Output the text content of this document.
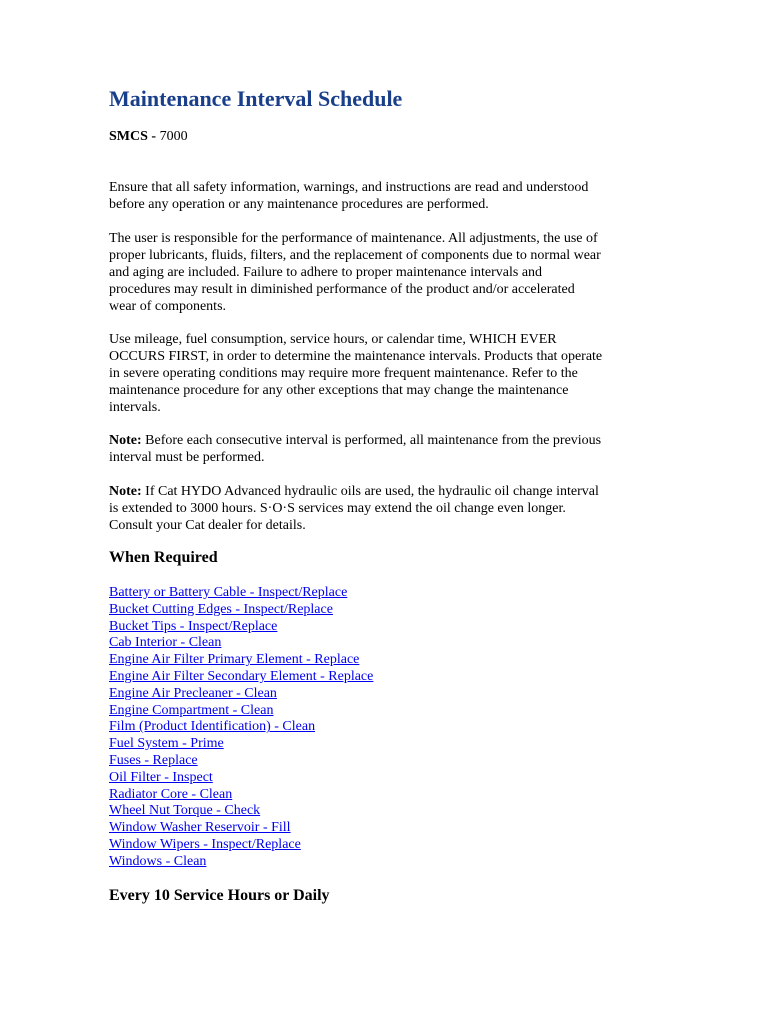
Maintenance Interval Schedule
SMCS - 7000

Ensure that all safety information, warnings, and instructions are read and understood
before any operation or any maintenance procedures are performed.

The user is responsible for the performance of maintenance. All adjustments, the use of
proper lubricants, fluids, filters, and the replacement of components due to normal wear
and aging are included. Failure to adhere to proper maintenance intervals and
procedures may result in diminished performance of the product and/or accelerated
wear of components.

Use mileage, fuel consumption, service hours, or calendar time, WHICH EVER
OCCURS FIRST, in order to determine the maintenance intervals. Products that operate
in severe operating conditions may require more frequent maintenance. Refer to the
maintenance procedure for any other exceptions that may change the maintenance
intervals.

Note: Before each consecutive interval is performed, all maintenance from the previous
interval must be performed.

Note: If Cat HYDO Advanced hydraulic oils are used, the hydraulic oil change interval
is extended to 3000 hours. S·O·S services may extend the oil change even longer.
Consult your Cat dealer for details.

When Required
Battery or Battery Cable - Inspect/Replace
Bucket Cutting Edges - Inspect/Replace
Bucket Tips - Inspect/Replace
Cab Interior - Clean
Engine Air Filter Primary Element - Replace
Engine Air Filter Secondary Element - Replace
Engine Air Precleaner - Clean
Engine Compartment - Clean
Film (Product Identification) - Clean
Fuel System - Prime
Fuses - Replace
Oil Filter - Inspect
Radiator Core - Clean
Wheel Nut Torque - Check
Window Washer Reservoir - Fill
Window Wipers - Inspect/Replace
Windows - Clean
Every 10 Service Hours or Daily
